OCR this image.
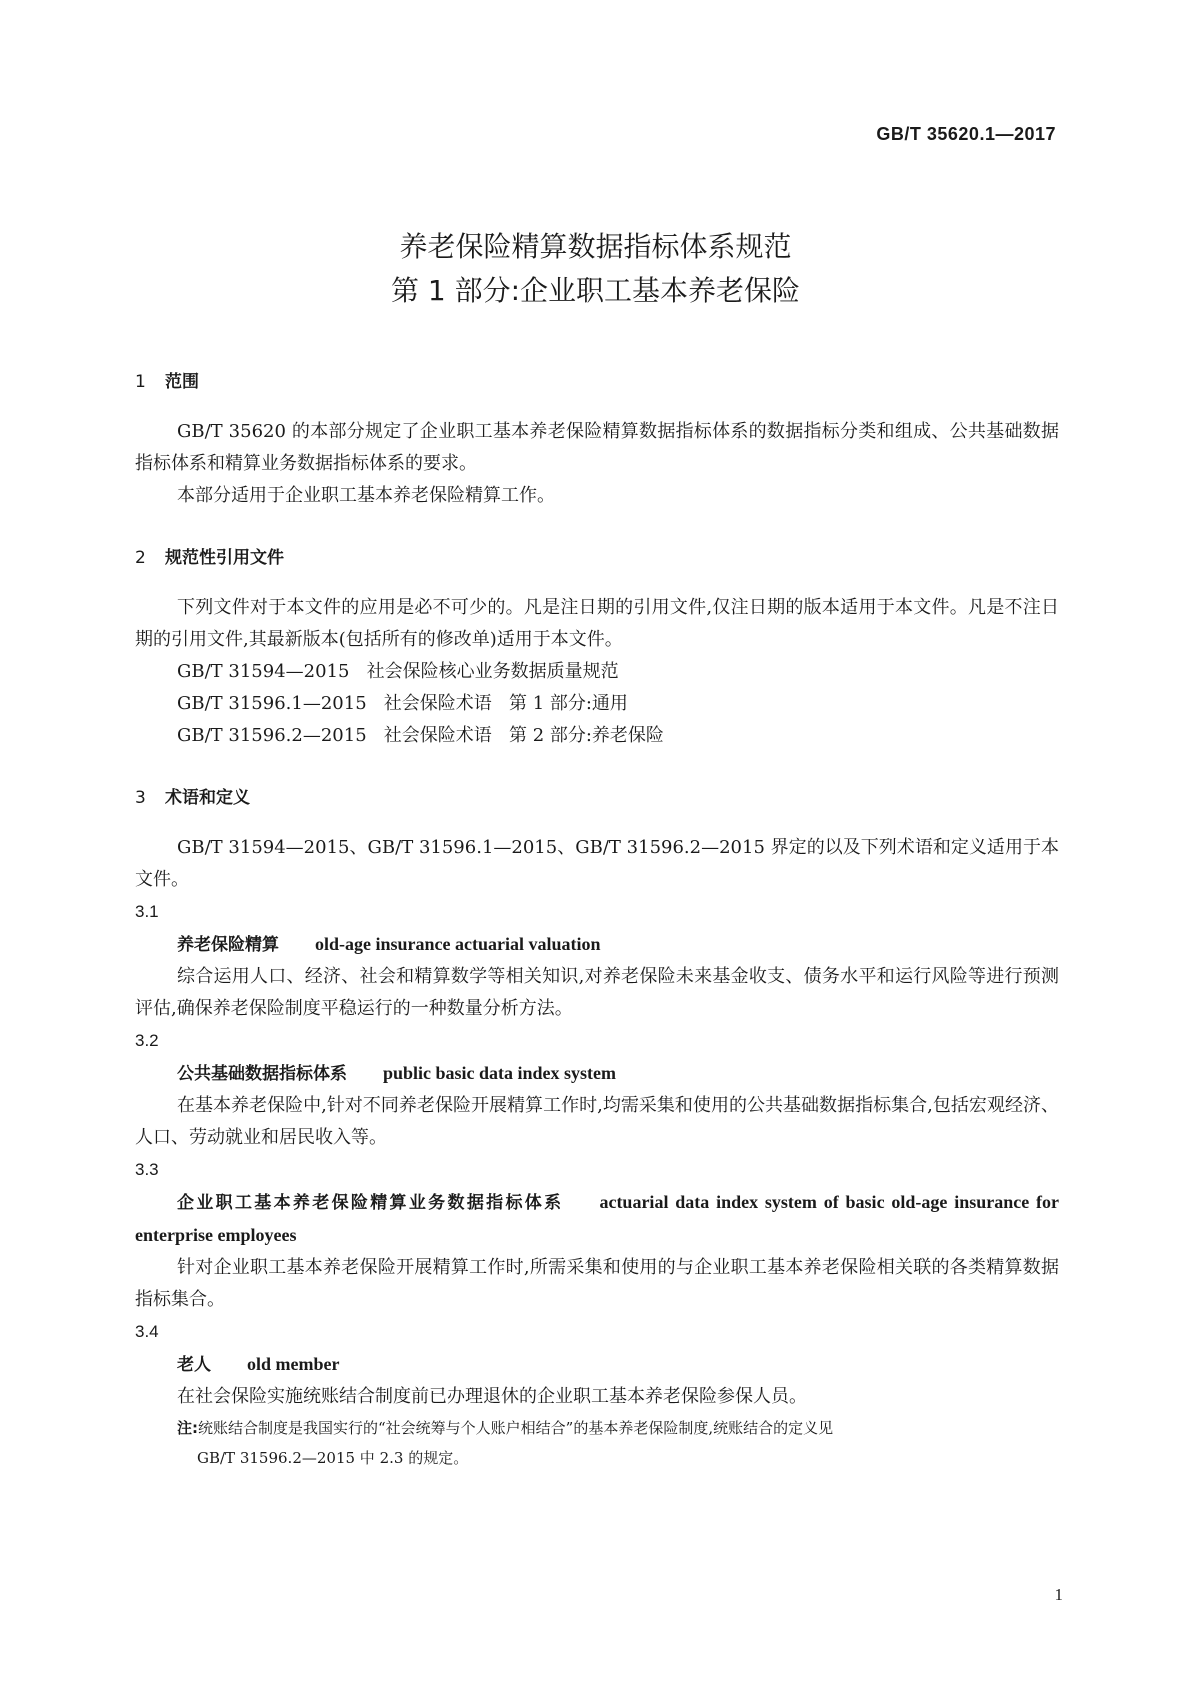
GB/T 35620.1—2017
养老保险精算数据指标体系规范
第 1 部分:企业职工基本养老保险
1 范围

GB/T 35620 的本部分规定了企业职工基本养老保险精算数据指标体系的数据指标分类和组成、公共基础数据指标体系和精算业务数据指标体系的要求。

本部分适用于企业职工基本养老保险精算工作。

2 规范性引用文件

下列文件对于本文件的应用是必不可少的。凡是注日期的引用文件,仅注日期的版本适用于本文件。凡是不注日期的引用文件,其最新版本(包括所有的修改单)适用于本文件。

GB/T 31594—2015   社会保险核心业务数据质量规范

GB/T 31596.1—2015   社会保险术语   第 1 部分:通用

GB/T 31596.2—2015   社会保险术语   第 2 部分:养老保险

3 术语和定义

GB/T 31594—2015、GB/T 31596.1—2015、GB/T 31596.2—2015 界定的以及下列术语和定义适用于本文件。

3.1

养老保险精算 old-age insurance actuarial valuation

综合运用人口、经济、社会和精算数学等相关知识,对养老保险未来基金收支、债务水平和运行风险等进行预测评估,确保养老保险制度平稳运行的一种数量分析方法。

3.2

公共基础数据指标体系 public basic data index system

在基本养老保险中,针对不同养老保险开展精算工作时,均需采集和使用的公共基础数据指标集合,包括宏观经济、人口、劳动就业和居民收入等。

3.3

企业职工基本养老保险精算业务数据指标体系 actuarial data index system of basic old-age insurance for enterprise employees

针对企业职工基本养老保险开展精算工作时,所需采集和使用的与企业职工基本养老保险相关联的各类精算数据指标集合。

3.4

老人 old member

在社会保险实施统账结合制度前已办理退休的企业职工基本养老保险参保人员。

注:统账结合制度是我国实行的“社会统筹与个人账户相结合”的基本养老保险制度,统账结合的定义见
GB/T 31596.2—2015 中 2.3 的规定。

1
